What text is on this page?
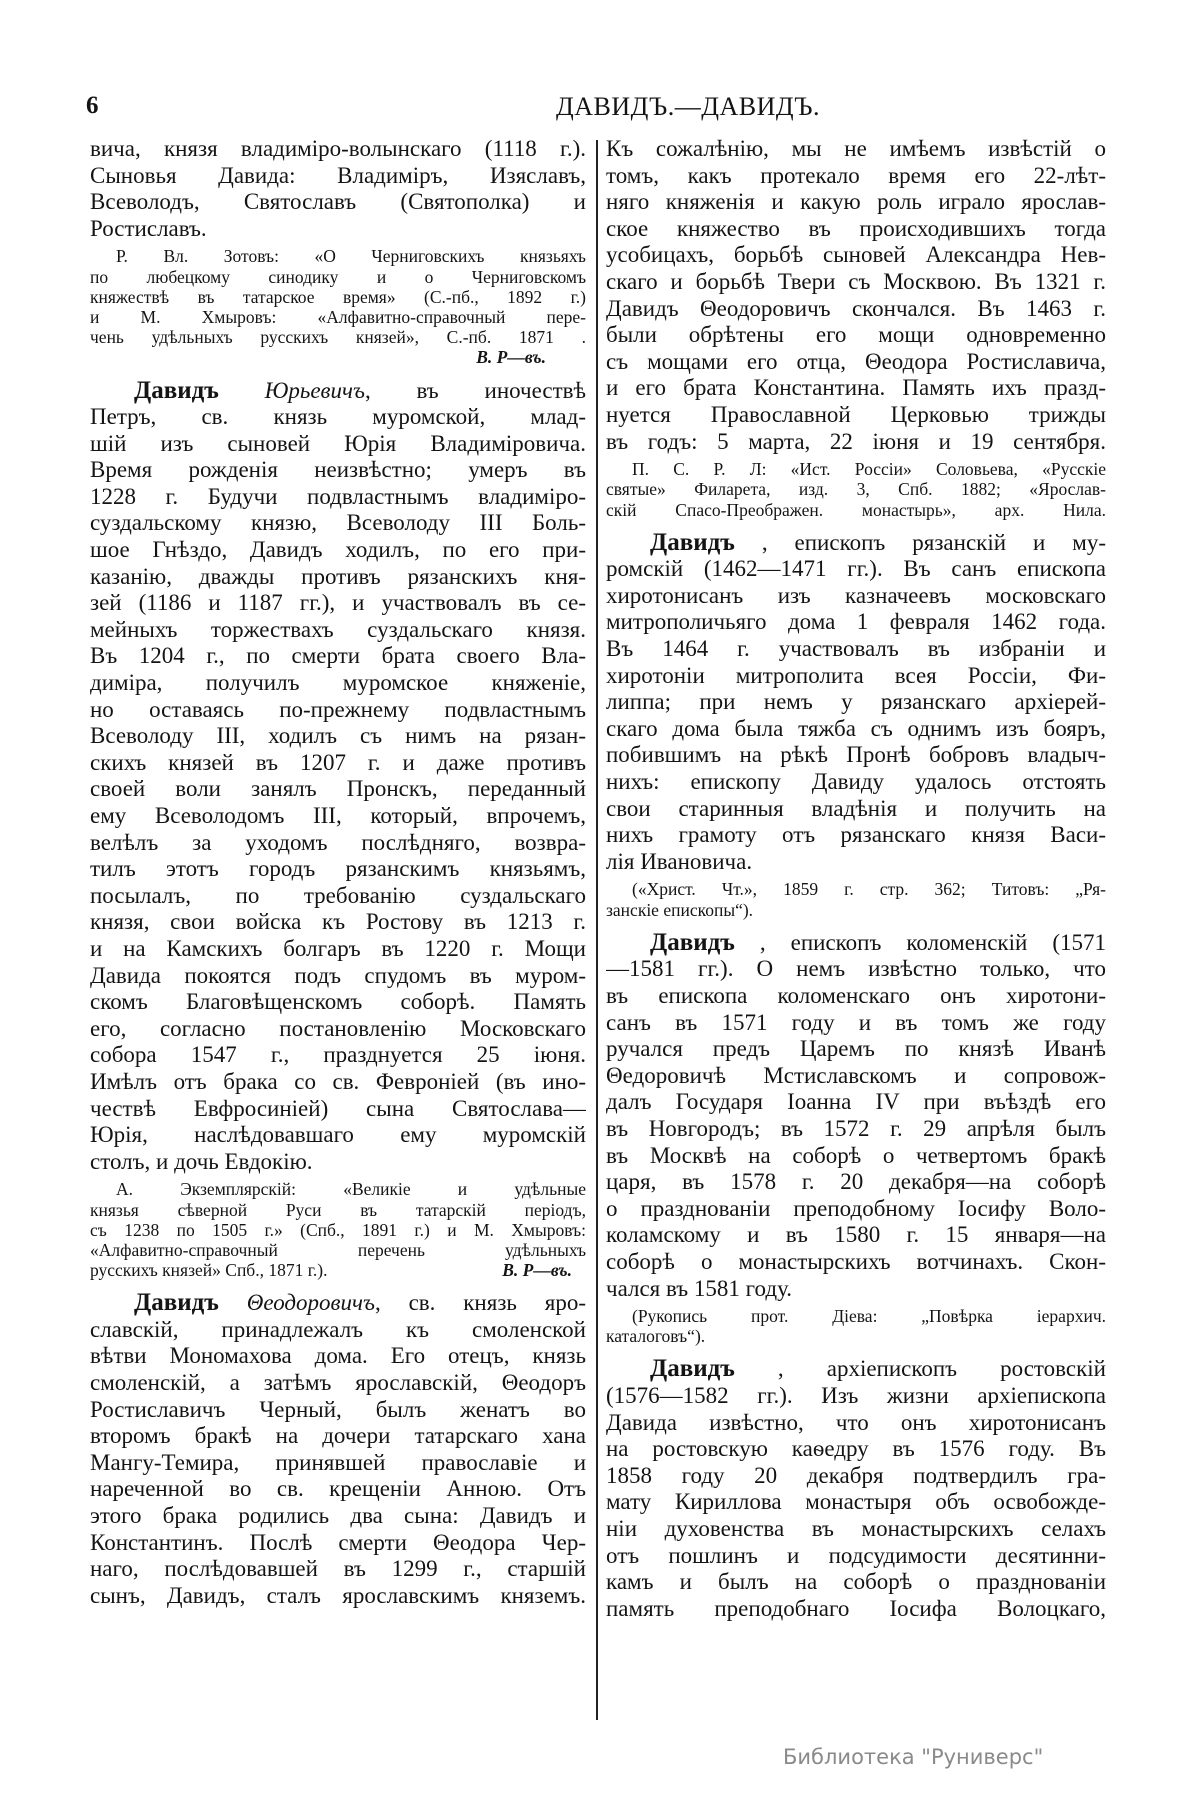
6	ДАВИДЪ.—ДАВИДЪ.
вича, князя владиміро-волынскаго (1118 г.).
Сыновья Давида: Владиміръ, Изяславъ,
Всеволодъ, Святославъ (Святополка) и
Ростиславъ.
Р. Вл. Зотовъ: «О Черниговскихъ князьяхъ
по любецкому синодику и о Черниговскомъ
княжествѣ въ татарское время» (С.-пб., 1892 г.)
и М. Хмыровъ: «Алфавитно-справочный пере-
чень удѣльныхъ русскихъ князей», С.-пб. 1871 .
В. Р—въ.
Давидъ Юрьевичъ, въ иночествѣ
Петръ, св. князь муромской, млад-
шій изъ сыновей Юрія Владиміровича.
Время рожденія неизвѣстно; умеръ въ
1228 г. Будучи подвластнымъ владиміро-
суздальскому князю, Всеволоду III Боль-
шое Гнѣздо, Давидъ ходилъ, по его при-
казанію, дважды противъ рязанскихъ кня-
зей (1186 и 1187 гг.), и участвовалъ въ се-
мейныхъ торжествахъ суздальскаго князя.
Въ 1204 г., по смерти брата своего Вла-
диміра, получилъ муромское княженіе,
но оставаясь по-прежнему подвластнымъ
Всеволоду III, ходилъ съ нимъ на рязан-
скихъ князей въ 1207 г. и даже противъ
своей воли занялъ Пронскъ, переданный
ему Всеволодомъ III, который, впрочемъ,
велѣлъ за уходомъ послѣдняго, возвра-
тилъ этотъ городъ рязанскимъ князьямъ,
посылалъ, по требованію суздальскаго
князя, свои войска къ Ростову въ 1213 г.
и на Камскихъ болгаръ въ 1220 г. Мощи
Давида покоятся подъ спудомъ въ муром-
скомъ Благовѣщенскомъ соборѣ. Память
его, согласно постановленію Московскаго
собора 1547 г., празднуется 25 іюня.
Имѣлъ отъ брака со св. Февроніей (въ ино-
чествѣ Евфросиніей) сына Святослава—
Юрія, наслѣдовавшаго ему муромскій
столъ, и дочь Евдокію.
А. Экземплярскій: «Великіе и удѣльные
князья сѣверной Руси въ татарскій періодъ,
съ 1238 по 1505 г.» (Спб., 1891 г.) и М. Хмыровъ:
«Алфавитно-справочный перечень удѣльныхъ
русскихъ князей» Спб., 1871 г.).	В. Р—въ.
Давидъ Θеодоровичъ, св. князь яро-
славскій, принадлежалъ къ смоленской
вѣтви Мономахова дома. Его отецъ, князь
смоленскій, а затѣмъ ярославскій, Θеодоръ
Ростиславичъ Черный, былъ женатъ во
второмъ бракѣ на дочери татарскаго хана
Мангу-Темира, принявшей православіе и
нареченной во св. крещеніи Анною. Отъ
этого брака родились два сына: Давидъ и
Константинъ. Послѣ смерти Θеодора Чер-
наго, послѣдовавшей въ 1299 г., старшій
сынъ, Давидъ, сталъ ярославскимъ княземъ.
Къ сожалѣнію, мы не имѣемъ извѣстій о
томъ, какъ протекало время его 22-лѣт-
няго княженія и какую роль играло ярослав-
ское княжество въ происходившихъ тогда
усобицахъ, борьбѣ сыновей Александра Нев-
скаго и борьбѣ Твери съ Москвою. Въ 1321 г.
Давидъ Θеодоровичъ скончался. Въ 1463 г.
были обрѣтены его мощи одновременно
съ мощами его отца, Θеодора Ростиславича,
и его брата Константина. Память ихъ празд-
нуется Православной Церковью трижды
въ годъ: 5 марта, 22 іюня и 19 сентября.
П. С. Р. Л: «Ист. Россіи» Соловьева, «Русскіе
святые» Филарета, изд. 3, Спб. 1882; «Ярослав-
скій Спасо-Преображен. монастырь», арх. Нила.
Давидъ , епископъ рязанскій и му-
ромскій (1462—1471 гг.). Въ санъ епископа
хиротонисанъ изъ казначеевъ московскаго
митрополичьяго дома 1 февраля 1462 года.
Въ 1464 г. участвовалъ въ избраніи и
хиротоніи митрополита всея Россіи, Фи-
липпа; при немъ у рязанскаго архіерей-
скаго дома была тяжба съ однимъ изъ бояръ,
побившимъ на рѣкѣ Пронѣ бобровъ владыч-
нихъ: епископу Давиду удалось отстоять
свои старинныя владѣнія и получить на
нихъ грамоту отъ рязанскаго князя Васи-
лія Ивановича.
(«Христ. Чт.», 1859 г. стр. 362; Титовъ: „Ря-
занскіе епископы“).
Давидъ , епископъ коломенскій (1571
—1581 гг.). О немъ извѣстно только, что
въ епископа коломенскаго онъ хиротони-
санъ въ 1571 году и въ томъ же году
ручался предъ Царемъ по князѣ Иванѣ
Θедоровичѣ Мстиславскомъ и сопровож-
далъ Государя Іоанна IV при въѣздѣ его
въ Новгородъ; въ 1572 г. 29 апрѣля былъ
въ Москвѣ на соборѣ о четвертомъ бракѣ
царя, въ 1578 г. 20 декабря—на соборѣ
о празднованіи преподобному Іосифу Воло-
коламскому и въ 1580 г. 15 января—на
соборѣ о монастырскихъ вотчинахъ. Скон-
чался въ 1581 году.
(Рукопись прот. Діева: „Повѣрка іерархич.
каталоговъ“).
Давидъ , архіепископъ ростовскій
(1576—1582 гг.). Изъ жизни архіепископа
Давида извѣстно, что онъ хиротонисанъ
на ростовскую каѳедру въ 1576 году. Въ
1858 году 20 декабря подтвердилъ гра-
мату Кириллова монастыря объ освобожде-
ніи духовенства въ монастырскихъ селахъ
отъ пошлинъ и подсудимости десятинни-
камъ и былъ на соборѣ о празднованіи
память преподобнаго Іосифа Волоцкаго,
Библиотека "Руниверс"
